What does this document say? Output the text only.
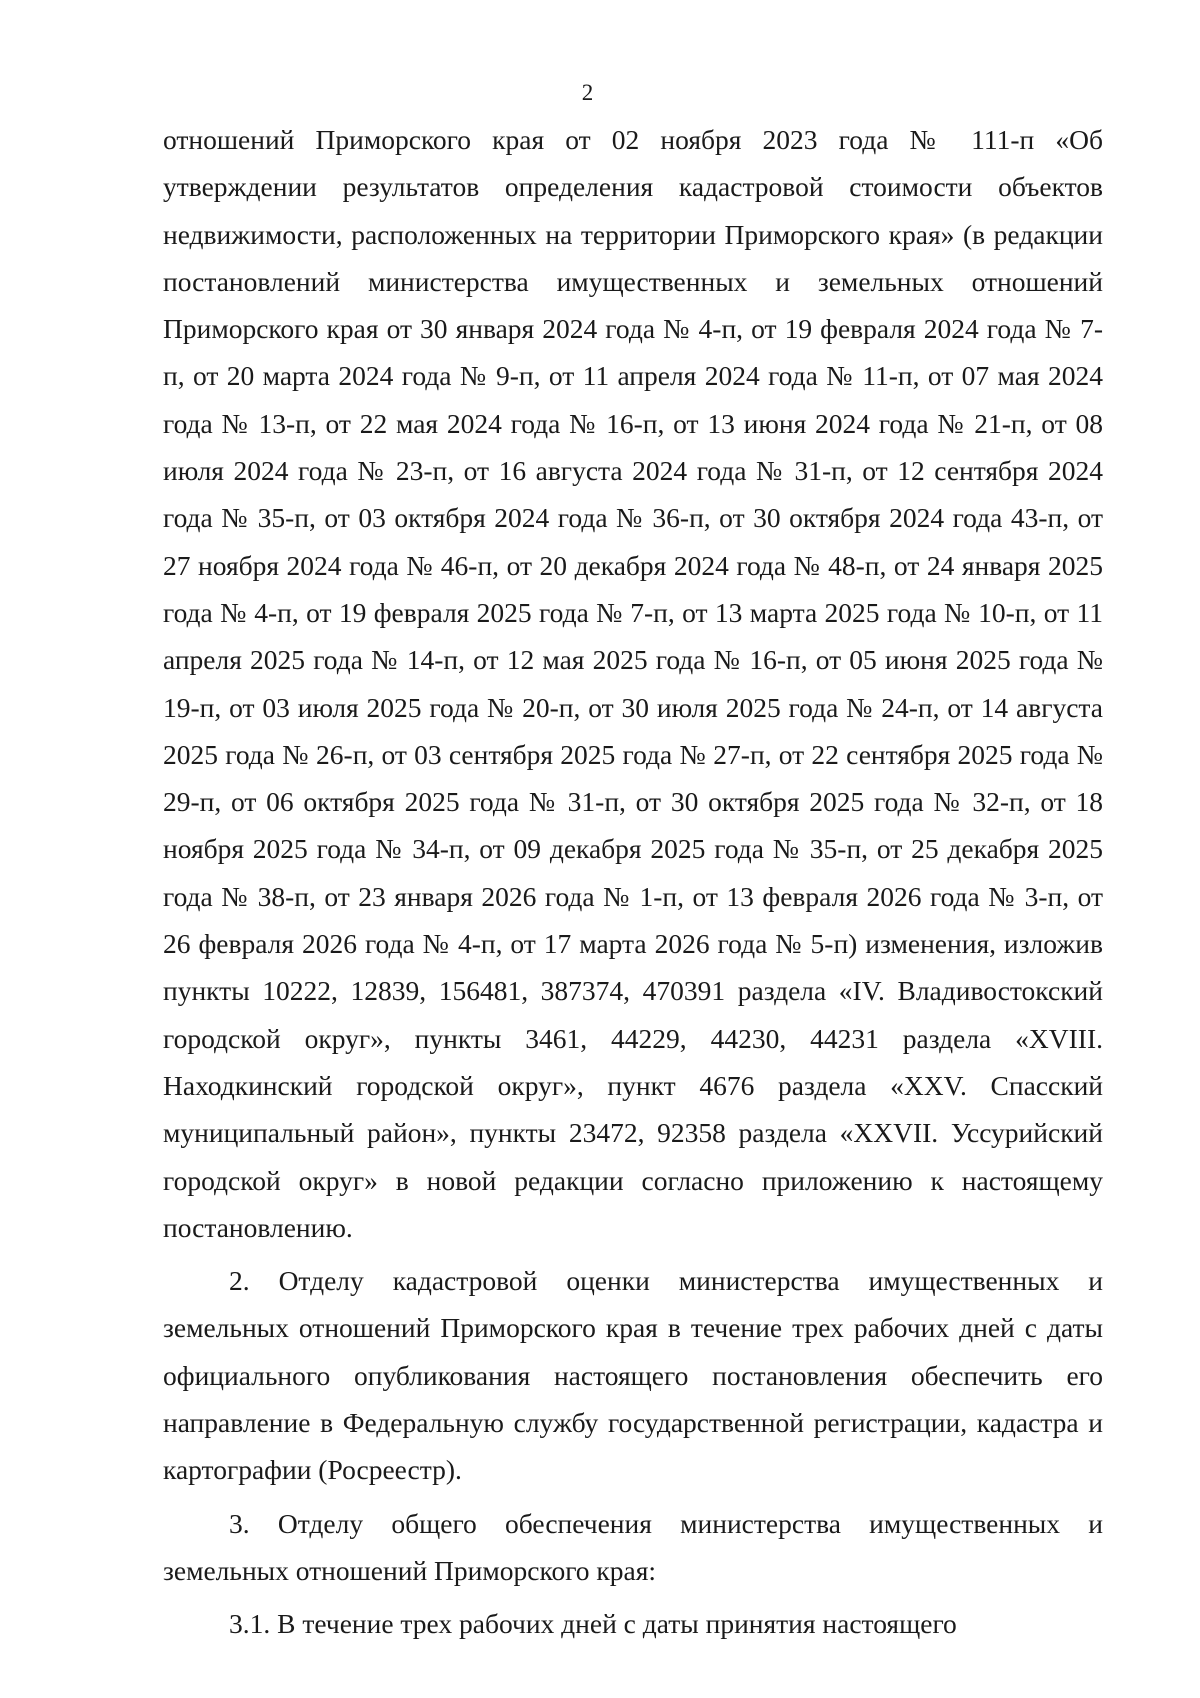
2

отношений Приморского края от 02 ноября 2023 года № 111-п «Об утверждении результатов определения кадастровой стоимости объектов недвижимости, расположенных на территории Приморского края» (в редакции постановлений министерства имущественных и земельных отношений Приморского края от 30 января 2024 года № 4-п, от 19 февраля 2024 года № 7-п, от 20 марта 2024 года № 9-п, от 11 апреля 2024 года № 11-п, от 07 мая 2024 года № 13-п, от 22 мая 2024 года № 16-п, от 13 июня 2024 года № 21-п, от 08 июля 2024 года № 23-п, от 16 августа 2024 года № 31-п, от 12 сентября 2024 года № 35-п, от 03 октября 2024 года № 36-п, от 30 октября 2024 года 43-п, от 27 ноября 2024 года № 46-п, от 20 декабря 2024 года № 48-п, от 24 января 2025 года № 4-п, от 19 февраля 2025 года № 7-п, от 13 марта 2025 года № 10-п, от 11 апреля 2025 года № 14-п, от 12 мая 2025 года № 16-п, от 05 июня 2025 года № 19-п, от 03 июля 2025 года № 20-п, от 30 июля 2025 года № 24-п, от 14 августа 2025 года № 26-п, от 03 сентября 2025 года № 27-п, от 22 сентября 2025 года № 29-п, от 06 октября 2025 года № 31-п, от 30 октября 2025 года № 32-п, от 18 ноября 2025 года № 34-п, от 09 декабря 2025 года № 35-п, от 25 декабря 2025 года № 38-п, от 23 января 2026 года № 1-п, от 13 февраля 2026 года № 3-п, от 26 февраля 2026 года № 4-п, от 17 марта 2026 года № 5-п) изменения, изложив пункты 10222, 12839, 156481, 387374, 470391 раздела «IV. Владивостокский городской округ», пункты 3461, 44229, 44230, 44231 раздела «XVIII. Находкинский городской округ», пункт 4676 раздела «XXV. Спасский муниципальный район», пункты 23472, 92358 раздела «XXVII. Уссурийский городской округ» в новой редакции согласно приложению к настоящему постановлению.

2. Отделу кадастровой оценки министерства имущественных и земельных отношений Приморского края в течение трех рабочих дней с даты официального опубликования настоящего постановления обеспечить его направление в Федеральную службу государственной регистрации, кадастра и картографии (Росреестр).

3. Отделу общего обеспечения министерства имущественных и земельных отношений Приморского края:

3.1. В течение трех рабочих дней с даты принятия настоящего
